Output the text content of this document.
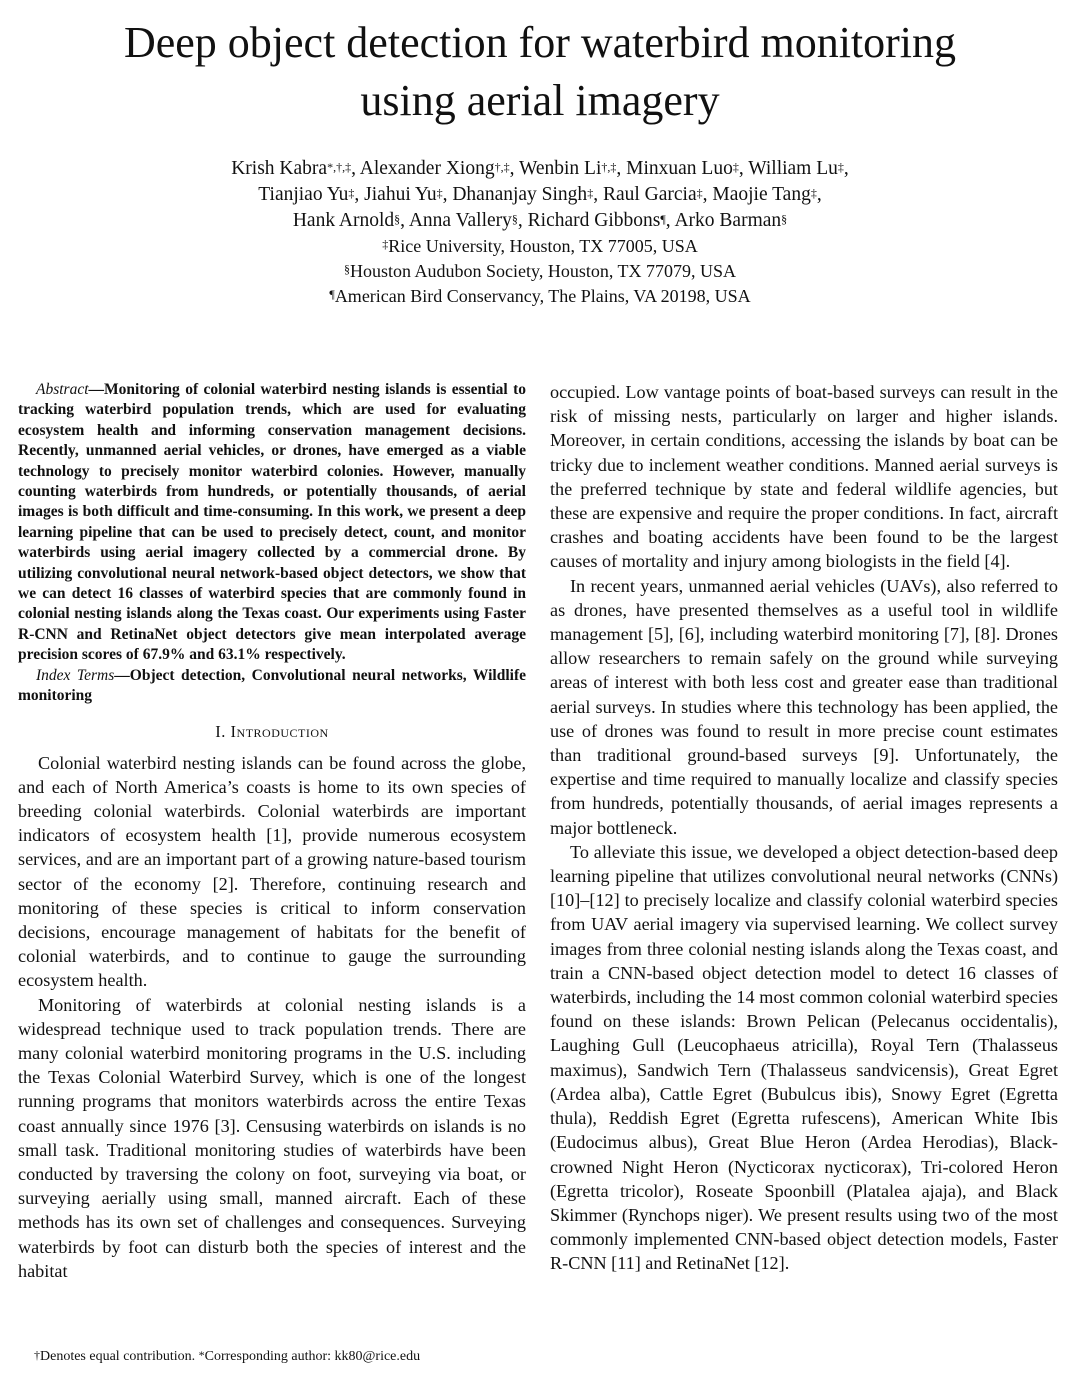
Deep object detection for waterbird monitoring
using aerial imagery
Krish Kabra*,†,‡, Alexander Xiong†,‡, Wenbin Li†,‡, Minxuan Luo‡, William Lu‡,
Tianjiao Yu‡, Jiahui Yu‡, Dhananjay Singh‡, Raul Garcia‡, Maojie Tang‡,
Hank Arnold§, Anna Vallery§, Richard Gibbons¶, Arko Barman§
‡Rice University, Houston, TX 77005, USA
§Houston Audubon Society, Houston, TX 77079, USA
¶American Bird Conservancy, The Plains, VA 20198, USA

Abstract—Monitoring of colonial waterbird nesting islands is essential to tracking waterbird population trends, which are used for evaluating ecosystem health and informing conservation management decisions. Recently, unmanned aerial vehicles, or drones, have emerged as a viable technology to precisely monitor waterbird colonies. However, manually counting waterbirds from hundreds, or potentially thousands, of aerial images is both difficult and time-consuming. In this work, we present a deep learning pipeline that can be used to precisely detect, count, and monitor waterbirds using aerial imagery collected by a commercial drone. By utilizing convolutional neural network-based object detectors, we show that we can detect 16 classes of waterbird species that are commonly found in colonial nesting islands along the Texas coast. Our experiments using Faster R-CNN and RetinaNet object detectors give mean interpolated average precision scores of 67.9% and 63.1% respectively.

Index Terms—Object detection, Convolutional neural networks, Wildlife monitoring

I. Introduction

Colonial waterbird nesting islands can be found across the globe, and each of North America’s coasts is home to its own species of breeding colonial waterbirds. Colonial waterbirds are important indicators of ecosystem health [1], provide numerous ecosystem services, and are an important part of a growing nature-based tourism sector of the economy [2]. Therefore, continuing research and monitoring of these species is critical to inform conservation decisions, encourage management of habitats for the benefit of colonial waterbirds, and to continue to gauge the surrounding ecosystem health.

Monitoring of waterbirds at colonial nesting islands is a widespread technique used to track population trends. There are many colonial waterbird monitoring programs in the U.S. including the Texas Colonial Waterbird Survey, which is one of the longest running programs that monitors waterbirds across the entire Texas coast annually since 1976 [3]. Censusing waterbirds on islands is no small task. Traditional monitoring studies of waterbirds have been conducted by traversing the colony on foot, surveying via boat, or surveying aerially using small, manned aircraft. Each of these methods has its own set of challenges and consequences. Surveying waterbirds by foot can disturb both the species of interest and the habitat

occupied. Low vantage points of boat-based surveys can result in the risk of missing nests, particularly on larger and higher islands. Moreover, in certain conditions, accessing the islands by boat can be tricky due to inclement weather conditions. Manned aerial surveys is the preferred technique by state and federal wildlife agencies, but these are expensive and require the proper conditions. In fact, aircraft crashes and boating accidents have been found to be the largest causes of mortality and injury among biologists in the field [4].

In recent years, unmanned aerial vehicles (UAVs), also referred to as drones, have presented themselves as a useful tool in wildlife management [5], [6], including waterbird monitoring [7], [8]. Drones allow researchers to remain safely on the ground while surveying areas of interest with both less cost and greater ease than traditional aerial surveys. In studies where this technology has been applied, the use of drones was found to result in more precise count estimates than traditional ground-based surveys [9]. Unfortunately, the expertise and time required to manually localize and classify species from hundreds, potentially thousands, of aerial images represents a major bottleneck.

To alleviate this issue, we developed a object detection-based deep learning pipeline that utilizes convolutional neural networks (CNNs) [10]–[12] to precisely localize and classify colonial waterbird species from UAV aerial imagery via supervised learning. We collect survey images from three colonial nesting islands along the Texas coast, and train a CNN-based object detection model to detect 16 classes of waterbirds, including the 14 most common colonial waterbird species found on these islands: Brown Pelican (Pelecanus occidentalis), Laughing Gull (Leucophaeus atricilla), Royal Tern (Thalasseus maximus), Sandwich Tern (Thalasseus sandvicensis), Great Egret (Ardea alba), Cattle Egret (Bubulcus ibis), Snowy Egret (Egretta thula), Reddish Egret (Egretta rufescens), American White Ibis (Eudocimus albus), Great Blue Heron (Ardea Herodias), Black-crowned Night Heron (Nycticorax nycticorax), Tri-colored Heron (Egretta tricolor), Roseate Spoonbill (Platalea ajaja), and Black Skimmer (Rynchops niger). We present results using two of the most commonly implemented CNN-based object detection models, Faster R-CNN [11] and RetinaNet [12].

†Denotes equal contribution. *Corresponding author: kk80@rice.edu
